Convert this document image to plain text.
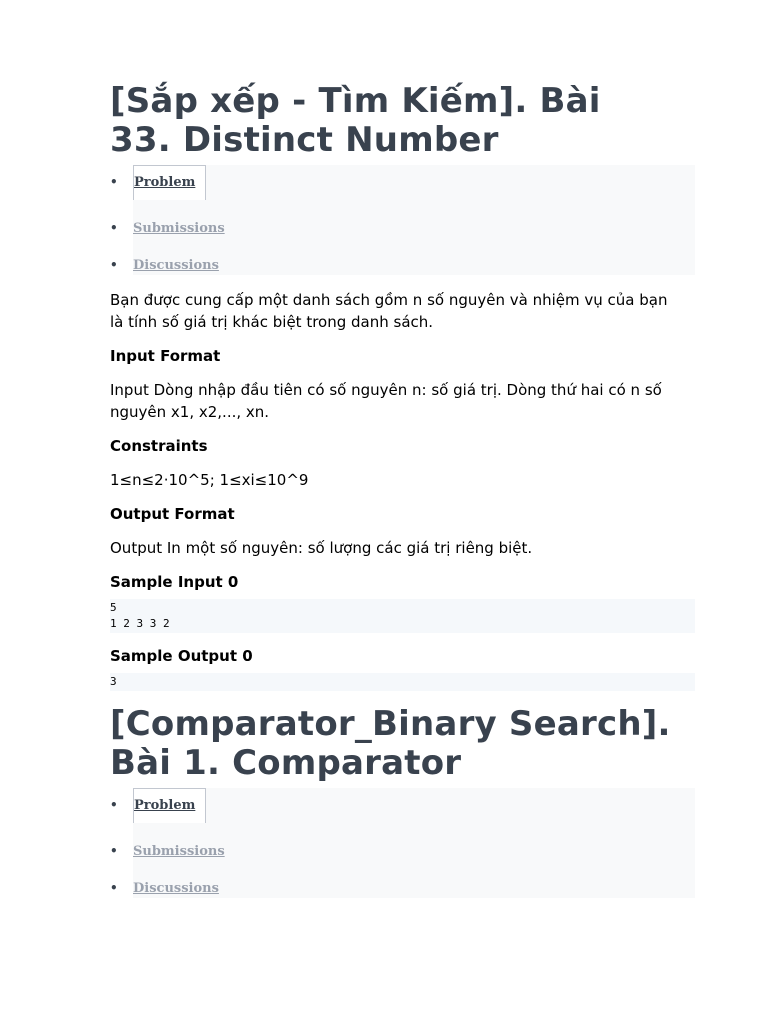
[Sắp xếp - Tìm Kiếm]. Bài
33. Distinct Number
• Problem
• Submissions
• Discussions

Bạn được cung cấp một danh sách gồm n số nguyên và nhiệm vụ của bạn
là tính số giá trị khác biệt trong danh sách.

Input Format

Input Dòng nhập đầu tiên có số nguyên n: số giá trị. Dòng thứ hai có n số
nguyên x1, x2,..., xn.

Constraints

1≤n≤2·10^5; 1≤xi≤10^9

Output Format

Output In một số nguyên: số lượng các giá trị riêng biệt.

Sample Input 0
5
1 2 3 3 2
Sample Output 0
3
[Comparator_Binary Search].
Bài 1. Comparator
• Problem
• Submissions
• Discussions
